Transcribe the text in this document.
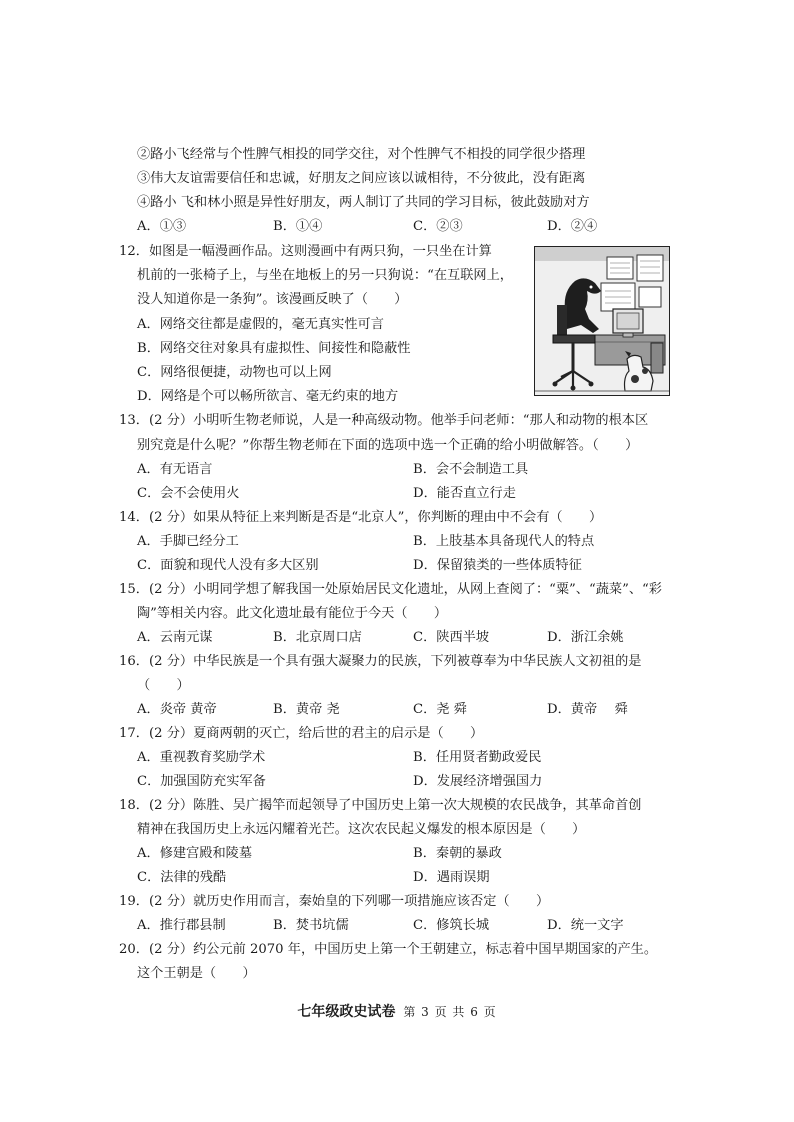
②路小飞经常与个性脾气相投的同学交往，对个性脾气不相投的同学很少搭理
③伟大友谊需要信任和忠诚，好朋友之间应该以诚相待，不分彼此，没有距离
④路小 飞和林小照是异性好朋友，两人制订了共同的学习目标，彼此鼓励对方
A．①③	B．①④	C．②③	D．②④
12．如图是一幅漫画作品。这则漫画中有两只狗，一只坐在计算
机前的一张椅子上，与坐在地板上的另一只狗说：“在互联网上，
没人知道你是一条狗”。该漫画反映了（　　）
A．网络交往都是虚假的，毫无真实性可言
B．网络交往对象具有虚拟性、间接性和隐蔽性
C．网络很便捷，动物也可以上网
D．网络是个可以畅所欲言、毫无约束的地方
13．(2 分）小明听生物老师说，人是一种高级动物。他举手问老师：“那人和动物的根本区
别究竟是什么呢？”你帮生物老师在下面的选项中选一个正确的给小明做解答。（　　）
A．有无语言	B．会不会制造工具
C．会不会使用火	D．能否直立行走
14．(2 分）如果从特征上来判断是否是“北京人”，你判断的理由中不会有（　　）
A．手脚已经分工	B．上肢基本具备现代人的特点
C．面貌和现代人没有多大区别	D．保留猿类的一些体质特征
15．(2 分）小明同学想了解我国一处原始居民文化遗址，从网上查阅了：“粟”、“蔬菜”、“彩
陶”等相关内容。此文化遗址最有能位于今天（　　）
A．云南元谋	B．北京周口店	C．陕西半坡	D．浙江余姚
16．(2 分）中华民族是一个具有强大凝聚力的民族，下列被尊奉为中华民族人文初祖的是
（　　）
A．炎帝 黄帝	B．黄帝 尧	C．尧 舜	D．黄帝　 舜
17．(2 分）夏商两朝的灭亡，给后世的君主的启示是（　　）
A．重视教育奖励学术	B．任用贤者勤政爱民
C．加强国防充实军备	D．发展经济增强国力
18．(2 分）陈胜、吴广揭竿而起领导了中国历史上第一次大规模的农民战争，其革命首创
精神在我国历史上永远闪耀着光芒。这次农民起义爆发的根本原因是（　　）
A．修建宫殿和陵墓	B．秦朝的暴政
C．法律的残酷	D．遇雨误期
19．(2 分）就历史作用而言，秦始皇的下列哪一项措施应该否定（　　）
A．推行郡县制	B．焚书坑儒	C．修筑长城	D．统一文字
20．(2 分）约公元前 2070 年，中国历史上第一个王朝建立，标志着中国早期国家的产生。
这个王朝是（　　）
七年级政史试卷 第 3 页 共 6 页
